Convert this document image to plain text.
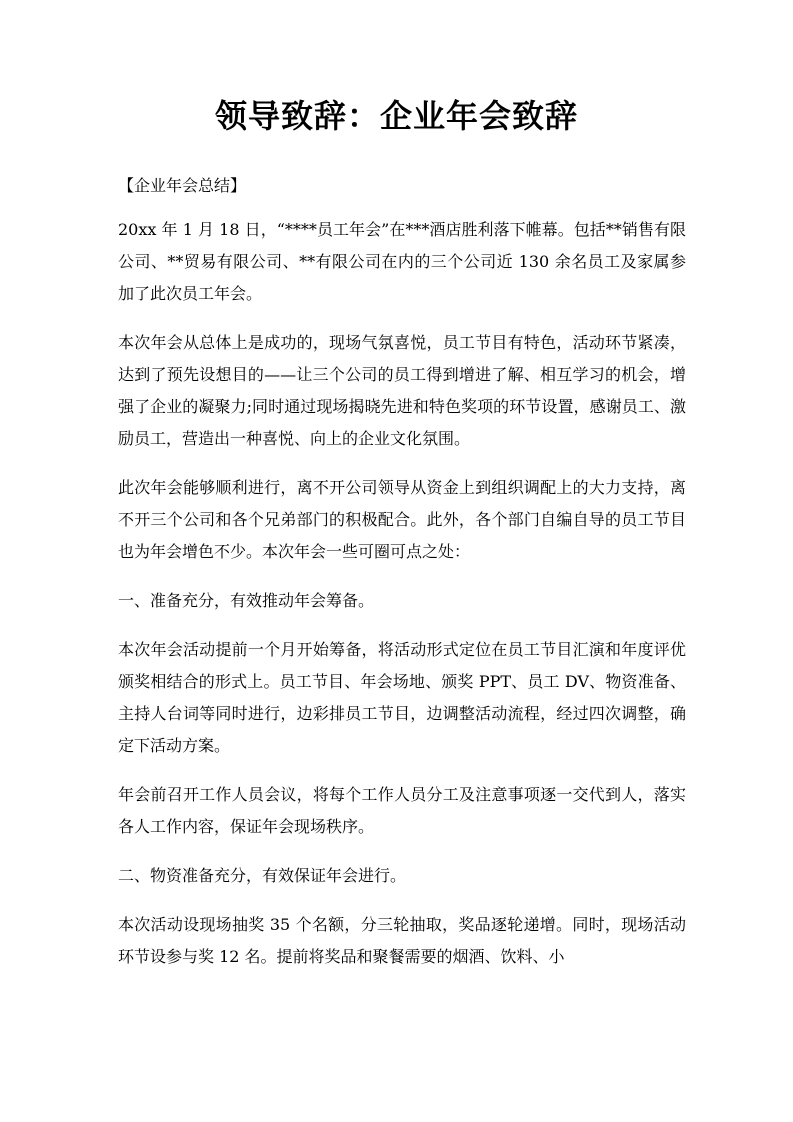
领导致辞：企业年会致辞

【企业年会总结】

20xx 年 1 月 18 日，“****员工年会”在***酒店胜利落下帷幕。包括**销售有限公司、**贸易有限公司、**有限公司在内的三个公司近 130 余名员工及家属参加了此次员工年会。

本次年会从总体上是成功的，现场气氛喜悦，员工节目有特色，活动环节紧凑，达到了预先设想目的——让三个公司的员工得到增进了解、相互学习的机会，增强了企业的凝聚力;同时通过现场揭晓先进和特色奖项的环节设置，感谢员工、激励员工，营造出一种喜悦、向上的企业文化氛围。

此次年会能够顺利进行，离不开公司领导从资金上到组织调配上的大力支持，离不开三个公司和各个兄弟部门的积极配合。此外，各个部门自编自导的员工节目也为年会增色不少。本次年会一些可圈可点之处：

一、准备充分，有效推动年会筹备。

本次年会活动提前一个月开始筹备，将活动形式定位在员工节目汇演和年度评优颁奖相结合的形式上。员工节目、年会场地、颁奖 PPT、员工 DV、物资准备、主持人台词等同时进行，边彩排员工节目，边调整活动流程，经过四次调整，确定下活动方案。

年会前召开工作人员会议，将每个工作人员分工及注意事项逐一交代到人，落实各人工作内容，保证年会现场秩序。

二、物资准备充分，有效保证年会进行。

本次活动设现场抽奖 35 个名额，分三轮抽取，奖品逐轮递增。同时，现场活动环节设参与奖 12 名。提前将奖品和聚餐需要的烟酒、饮料、小
